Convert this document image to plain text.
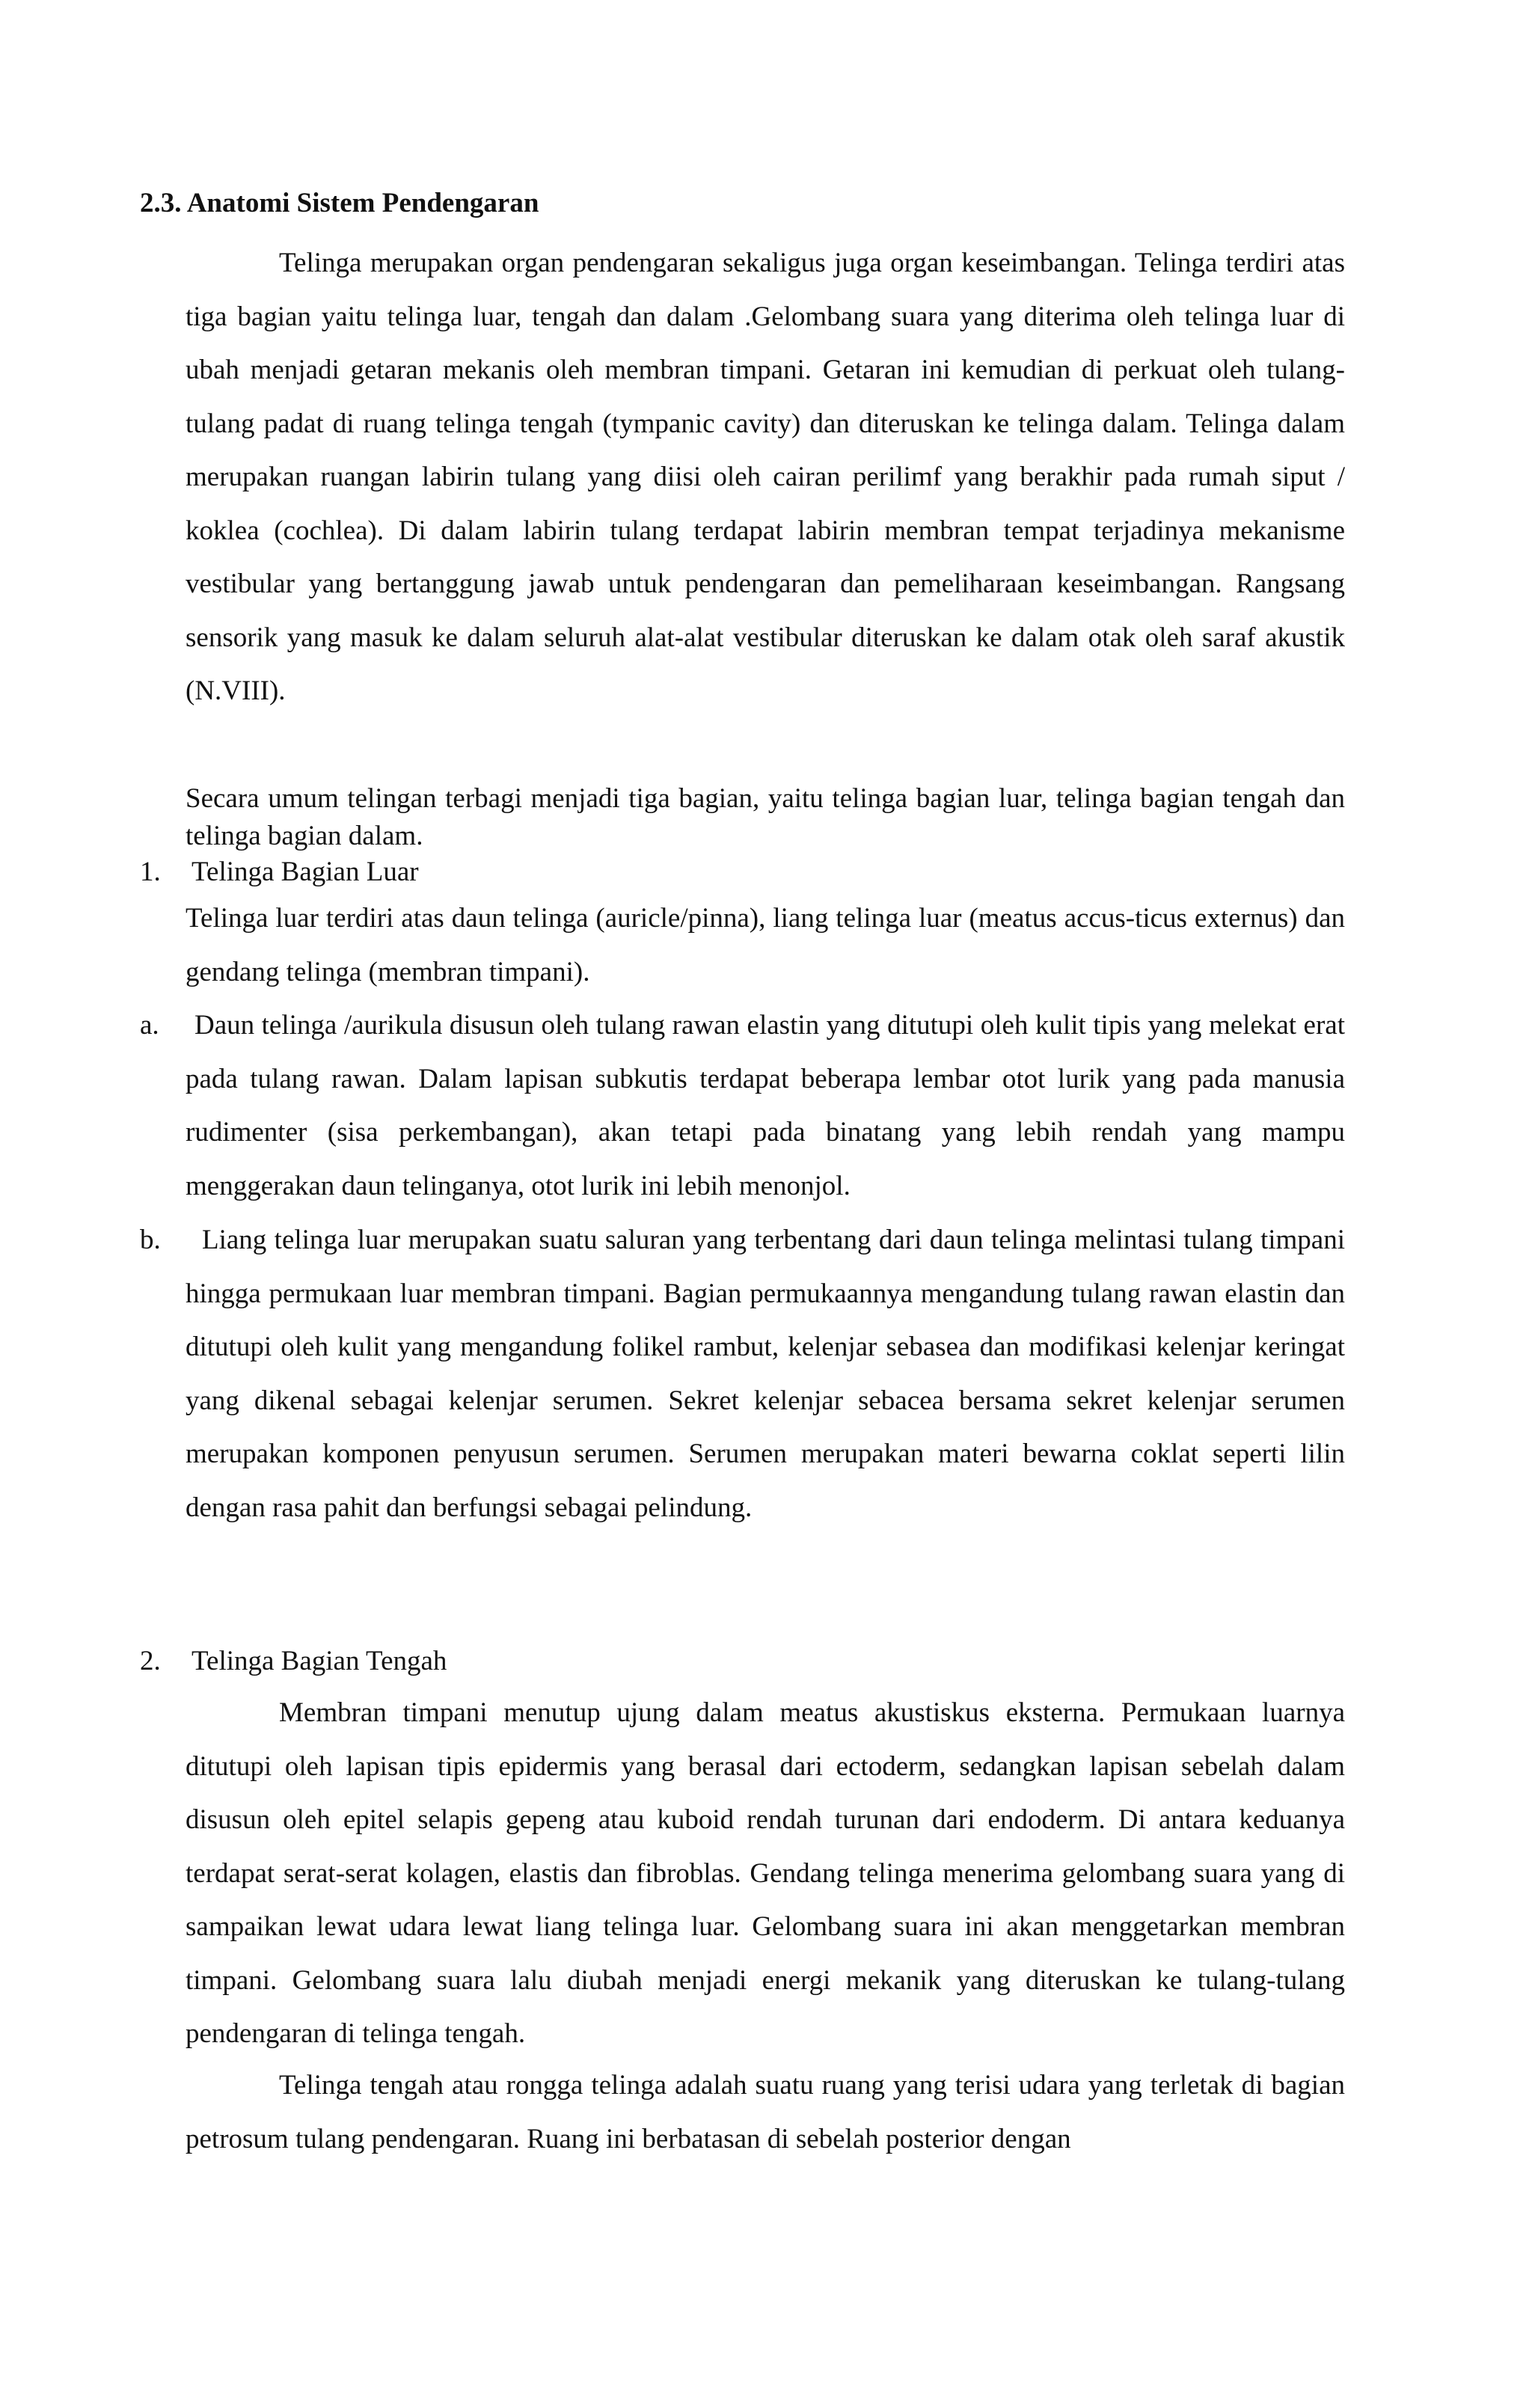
2.3. Anatomi Sistem Pendengaran

Telinga merupakan organ pendengaran sekaligus juga organ keseimbangan. Telinga terdiri atas tiga bagian yaitu telinga luar, tengah dan dalam .Gelombang suara yang diterima oleh telinga luar di ubah menjadi getaran mekanis oleh membran timpani. Getaran ini kemudian di perkuat oleh tulang-tulang padat di ruang telinga tengah (tympanic cavity) dan diteruskan ke telinga dalam. Telinga dalam merupakan ruangan labirin tulang yang diisi oleh cairan perilimf yang berakhir pada rumah siput / koklea (cochlea). Di dalam labirin tulang terdapat labirin membran tempat terjadinya mekanisme vestibular yang bertanggung jawab untuk pendengaran dan pemeliharaan keseimbangan. Rangsang sensorik yang masuk ke dalam seluruh alat-alat vestibular diteruskan ke dalam otak oleh saraf akustik (N.VIII).

Secara umum telingan terbagi menjadi tiga bagian, yaitu telinga bagian luar, telinga bagian tengah dan telinga bagian dalam.

1. Telinga Bagian Luar

Telinga luar terdiri atas daun telinga (auricle/pinna), liang telinga luar (meatus accus-ticus externus) dan gendang telinga (membran timpani).

a.	Daun telinga /aurikula disusun oleh tulang rawan elastin yang ditutupi oleh kulit tipis yang melekat erat pada tulang rawan. Dalam lapisan subkutis terdapat beberapa lembar otot lurik yang pada manusia rudimenter (sisa perkembangan), akan tetapi pada binatang yang lebih rendah yang mampu menggerakan daun telinganya, otot lurik ini lebih menonjol.

b.	Liang telinga luar merupakan suatu saluran yang terbentang dari daun telinga melintasi tulang timpani hingga permukaan luar membran timpani. Bagian permukaannya mengandung tulang rawan elastin dan ditutupi oleh kulit yang mengandung folikel rambut, kelenjar sebasea dan modifikasi kelenjar keringat yang dikenal sebagai kelenjar serumen. Sekret kelenjar sebacea bersama sekret kelenjar serumen merupakan komponen penyusun serumen. Serumen merupakan materi bewarna coklat seperti lilin dengan rasa pahit dan berfungsi sebagai pelindung.

2. Telinga Bagian Tengah

Membran timpani menutup ujung dalam meatus akustiskus eksterna. Permukaan luarnya ditutupi oleh lapisan tipis epidermis yang berasal dari ectoderm, sedangkan lapisan sebelah dalam disusun oleh epitel selapis gepeng atau kuboid rendah turunan dari endoderm. Di antara keduanya terdapat serat-serat kolagen, elastis dan fibroblas. Gendang telinga menerima gelombang suara yang di sampaikan lewat udara lewat liang telinga luar. Gelombang suara ini akan menggetarkan membran timpani. Gelombang suara lalu diubah menjadi energi mekanik yang diteruskan ke tulang-tulang pendengaran di telinga tengah.

Telinga tengah atau rongga telinga adalah suatu ruang yang terisi udara yang terletak di bagian petrosum tulang pendengaran. Ruang ini berbatasan di sebelah posterior dengan
